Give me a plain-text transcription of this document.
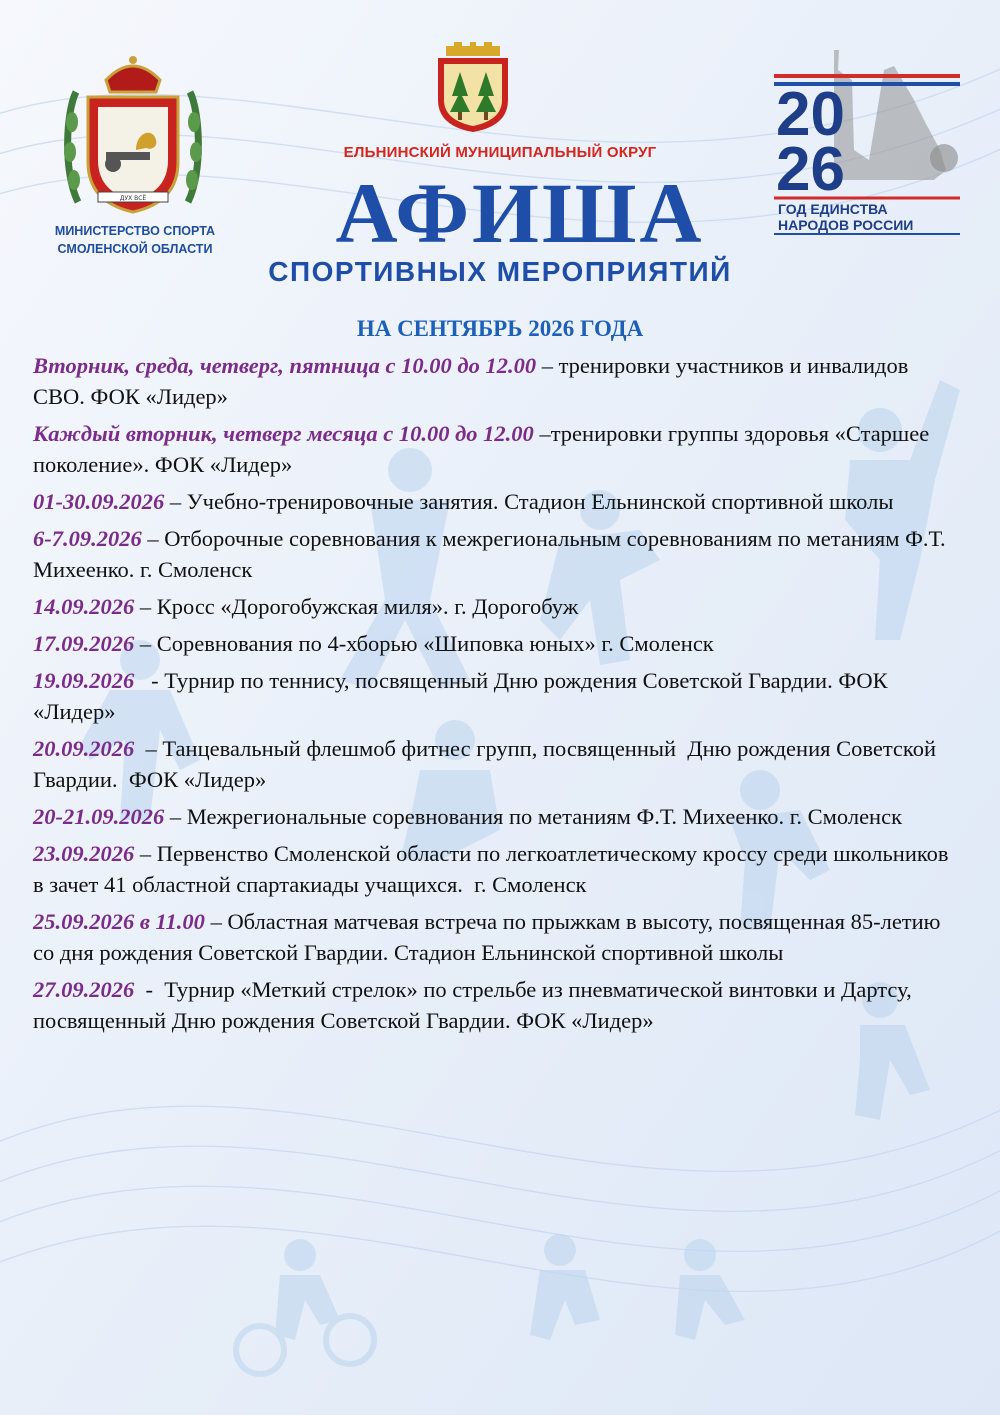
ДУХ ВСЁ
МИНИСТЕРСТВО СПОРТА
СМОЛЕНСКОЙ ОБЛАСТИ
ЕЛЬНИНСКИЙ МУНИЦИПАЛЬНЫЙ ОКРУГ
АФИША
СПОРТИВНЫХ МЕРОПРИЯТИЙ
НА СЕНТЯБРЬ 2026 ГОДА
20
26
ГОД ЕДИНСТВА
НАРОДОВ РОССИИ
Вторник, среда, четверг, пятница с 10.00 до 12.00 – тренировки участников и инвалидов СВО. ФОК «Лидер»
Каждый вторник, четверг месяца с 10.00 до 12.00 –тренировки группы здоровья «Старшее поколение». ФОК «Лидер»
01-30.09.2026 – Учебно-тренировочные занятия. Стадион Ельнинской спортивной школы
6-7.09.2026 – Отборочные соревнования к межрегиональным соревнованиям по метаниям Ф.Т. Михеенко. г. Смоленск
14.09.2026 – Кросс «Дорогобужская миля». г. Дорогобуж
17.09.2026 – Соревнования по 4-хборью «Шиповка юных» г. Смоленск
19.09.2026   - Турнир по теннису, посвященный Дню рождения Советской Гвардии. ФОК «Лидер»
20.09.2026  – Танцевальный флешмоб фитнес групп, посвященный  Дню рождения Советской Гвардии.  ФОК «Лидер»
20-21.09.2026 – Межрегиональные соревнования по метаниям Ф.Т. Михеенко. г. Смоленск
23.09.2026 – Первенство Смоленской области по легкоатлетическому кроссу среди школьников в зачет 41 областной спартакиады учащихся.  г. Смоленск
25.09.2026 в 11.00 – Областная матчевая встреча по прыжкам в высоту, посвященная 85-летию со дня рождения Советской Гвардии. Стадион Ельнинской спортивной школы
27.09.2026  -  Турнир «Меткий стрелок» по стрельбе из пневматической винтовки и Дартсу, посвященный Дню рождения Советской Гвардии. ФОК «Лидер»
